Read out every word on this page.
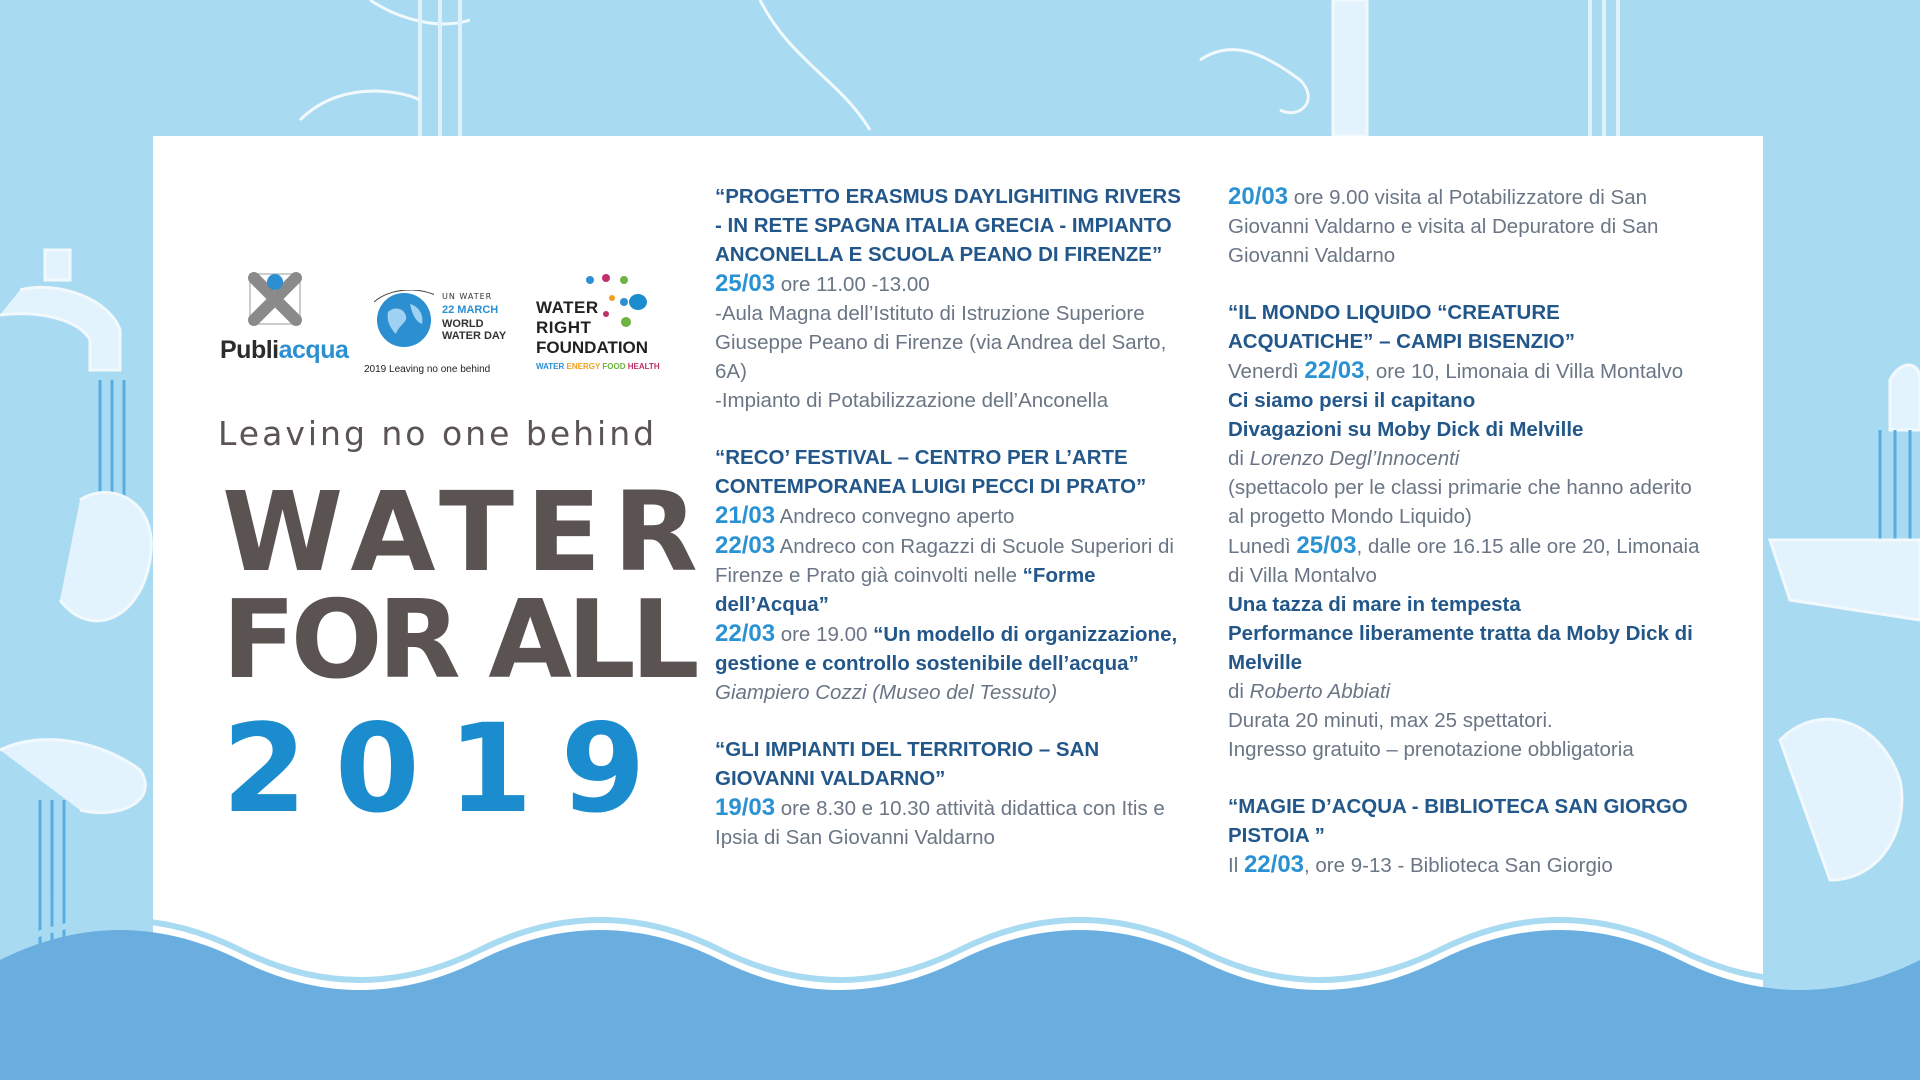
Publiacqua
UN WATER
22 MARCH
WORLD
WATER DAY
2019 Leaving no one behind
WATER
RIGHT
FOUNDATION
WATER ENERGY FOOD HEALTH
Leaving no one behind
WATER
FOR ALL
2019
“PROGETTO ERASMUS DAYLIGHITING RIVERS - IN RETE SPAGNA ITALIA GRECIA - IMPIANTO ANCONELLA E SCUOLA PEANO DI FIRENZE”
25/03 ore 11.00 -13.00
-Aula Magna dell’Istituto di Istruzione Superiore Giuseppe Peano di Firenze (via Andrea del Sarto, 6A)
-Impianto di Potabilizzazione dell’Anconella
“RECO’ FESTIVAL – CENTRO PER L’ARTE CONTEMPORANEA LUIGI PECCI DI PRATO”
21/03 Andreco convegno aperto
22/03 Andreco con Ragazzi di Scuole Superiori di Firenze e Prato già coinvolti nelle “Forme dell’Acqua”
22/03 ore 19.00 “Un modello di organizzazione, gestione e controllo sostenibile dell’acqua”
Giampiero Cozzi (Museo del Tessuto)
“GLI IMPIANTI DEL TERRITORIO – SAN GIOVANNI VALDARNO”
19/03 ore 8.30 e 10.30 attività didattica con Itis e Ipsia di San Giovanni Valdarno
20/03 ore 9.00 visita al Potabilizzatore di San Giovanni Valdarno e visita al Depuratore di San Giovanni Valdarno
“IL MONDO LIQUIDO “CREATURE ACQUATICHE” – CAMPI BISENZIO”
Venerdì 22/03, ore 10, Limonaia di Villa Montalvo
Ci siamo persi il capitano
Divagazioni su Moby Dick di Melville
di Lorenzo Degl’Innocenti
(spettacolo per le classi primarie che hanno aderito al progetto Mondo Liquido)
Lunedì 25/03, dalle ore 16.15 alle ore 20, Limonaia di Villa Montalvo
Una tazza di mare in tempesta
Performance liberamente tratta da Moby Dick di Melville
di Roberto Abbiati
Durata 20 minuti, max 25 spettatori.
Ingresso gratuito – prenotazione obbligatoria
“MAGIE D’ACQUA - BIBLIOTECA SAN GIORGO PISTOIA ”
Il 22/03, ore 9-13 - Biblioteca San Giorgio
